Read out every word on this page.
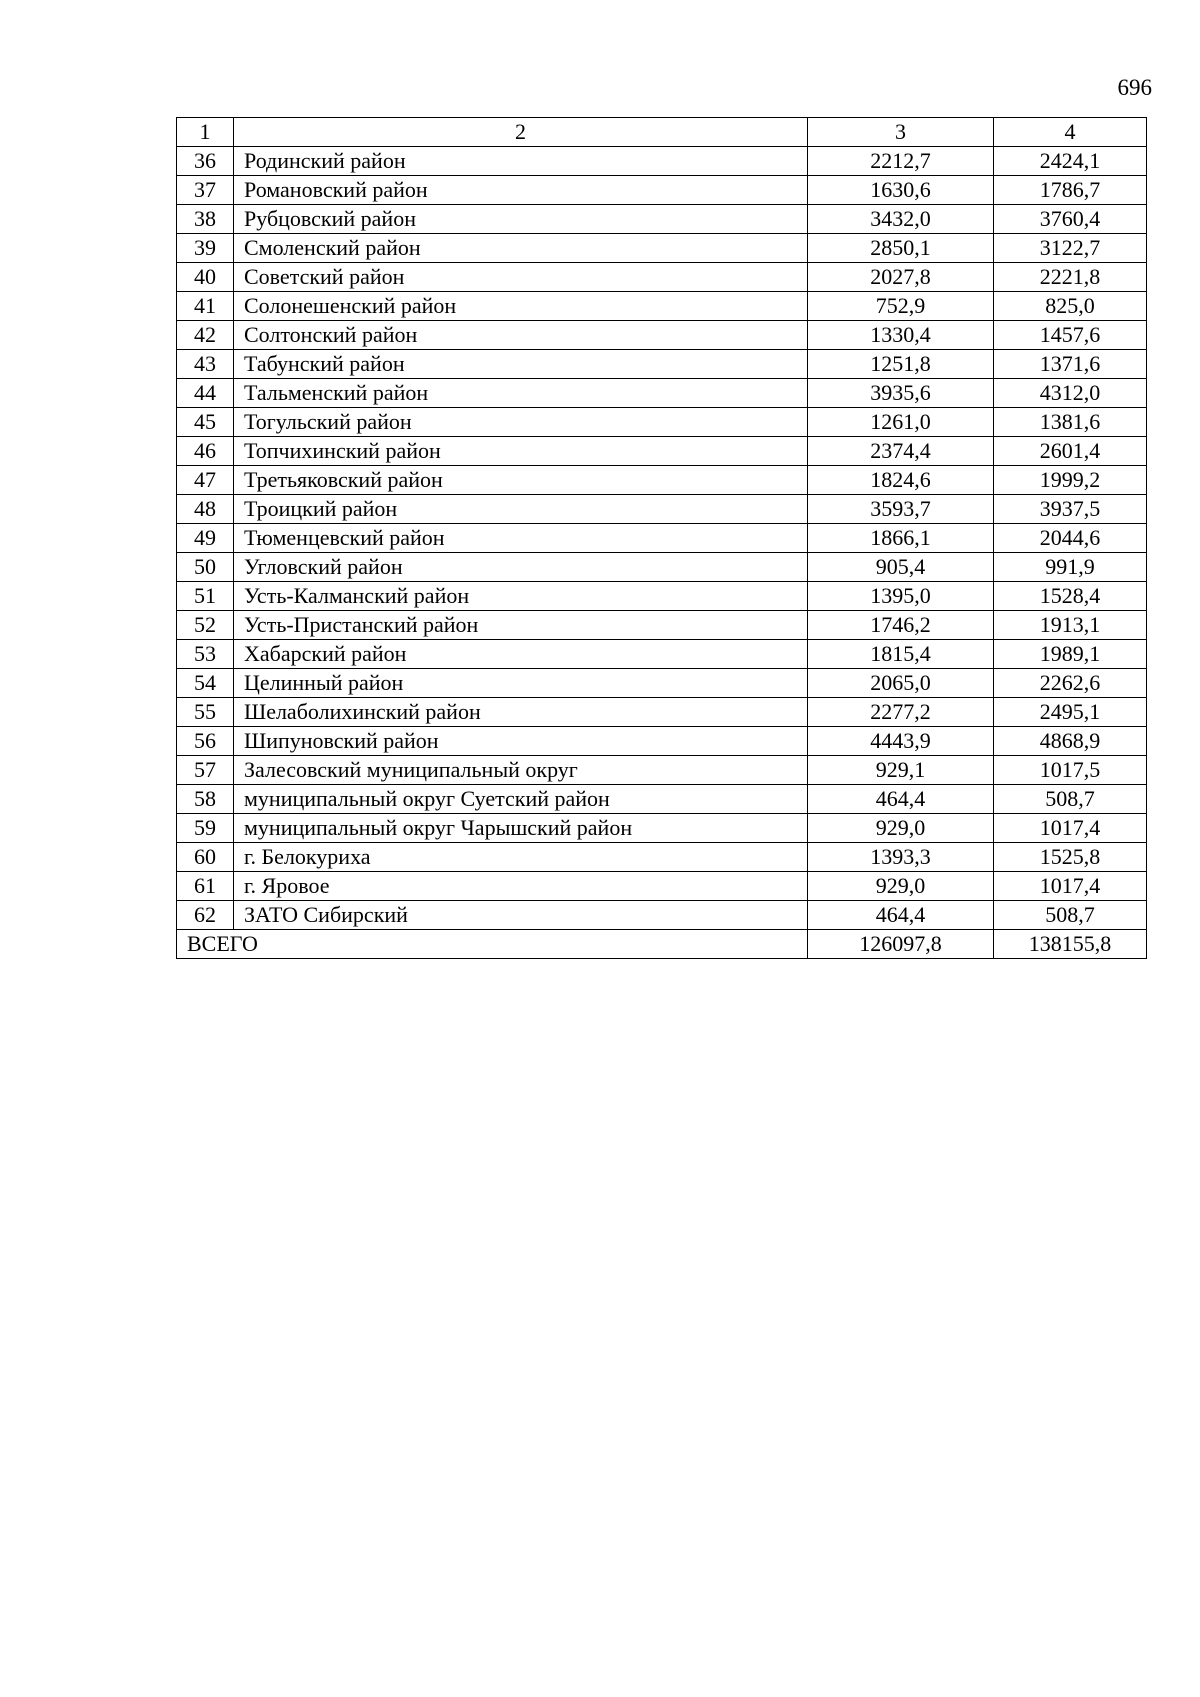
696
1	2	3	4
36	Родинский район	2212,7	2424,1
37	Романовский район	1630,6	1786,7
38	Рубцовский район	3432,0	3760,4
39	Смоленский район	2850,1	3122,7
40	Советский район	2027,8	2221,8
41	Солонешенский район	752,9	825,0
42	Солтонский район	1330,4	1457,6
43	Табунский район	1251,8	1371,6
44	Тальменский район	3935,6	4312,0
45	Тогульский район	1261,0	1381,6
46	Топчихинский район	2374,4	2601,4
47	Третьяковский район	1824,6	1999,2
48	Троицкий район	3593,7	3937,5
49	Тюменцевский район	1866,1	2044,6
50	Угловский район	905,4	991,9
51	Усть-Калманский район	1395,0	1528,4
52	Усть-Пристанский район	1746,2	1913,1
53	Хабарский район	1815,4	1989,1
54	Целинный район	2065,0	2262,6
55	Шелаболихинский район	2277,2	2495,1
56	Шипуновский район	4443,9	4868,9
57	Залесовский муниципальный округ	929,1	1017,5
58	муниципальный округ Суетский район	464,4	508,7
59	муниципальный округ Чарышский район	929,0	1017,4
60	г. Белокуриха	1393,3	1525,8
61	г. Яровое	929,0	1017,4
62	ЗАТО Сибирский	464,4	508,7
ВСЕГО		126097,8	138155,8
